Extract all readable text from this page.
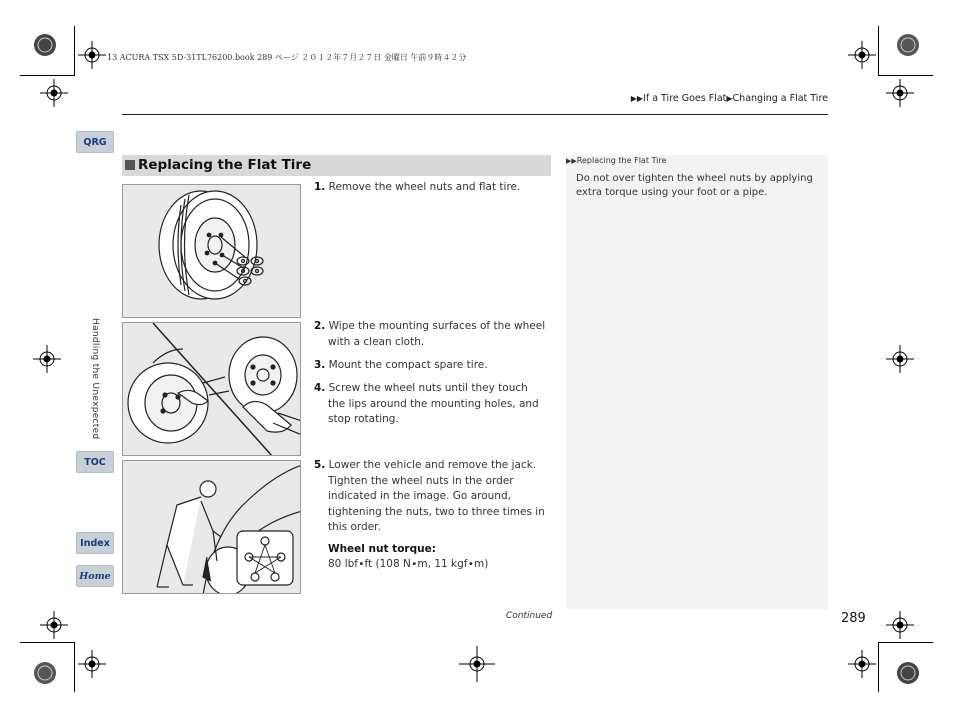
13 ACURA TSX 5D-31TL76200.book 289 ページ ２０１２年７月２７日 金曜日 午前９時４２分
▶▶If a Tire Goes Flat▶Changing a Flat Tire
QRG
Handling the Unexpected
TOC
Index
Home
Replacing the Flat Tire	▶▶Replacing the Flat Tire
Do not over tighten the wheel nuts by applying extra torque using your foot or a pipe.
1. Remove the wheel nuts and flat tire.
2. Wipe the mounting surfaces of the wheel
with a clean cloth.
3. Mount the compact spare tire.
4. Screw the wheel nuts until they touch
the lips around the mounting holes, and
stop rotating.
5. Lower the vehicle and remove the jack.
Tighten the wheel nuts in the order
indicated in the image. Go around,
tightening the nuts, two to three times in
this order.
Wheel nut torque:
80 lbf∙ft (108 N∙m, 11 kgf∙m)
Continued	289
